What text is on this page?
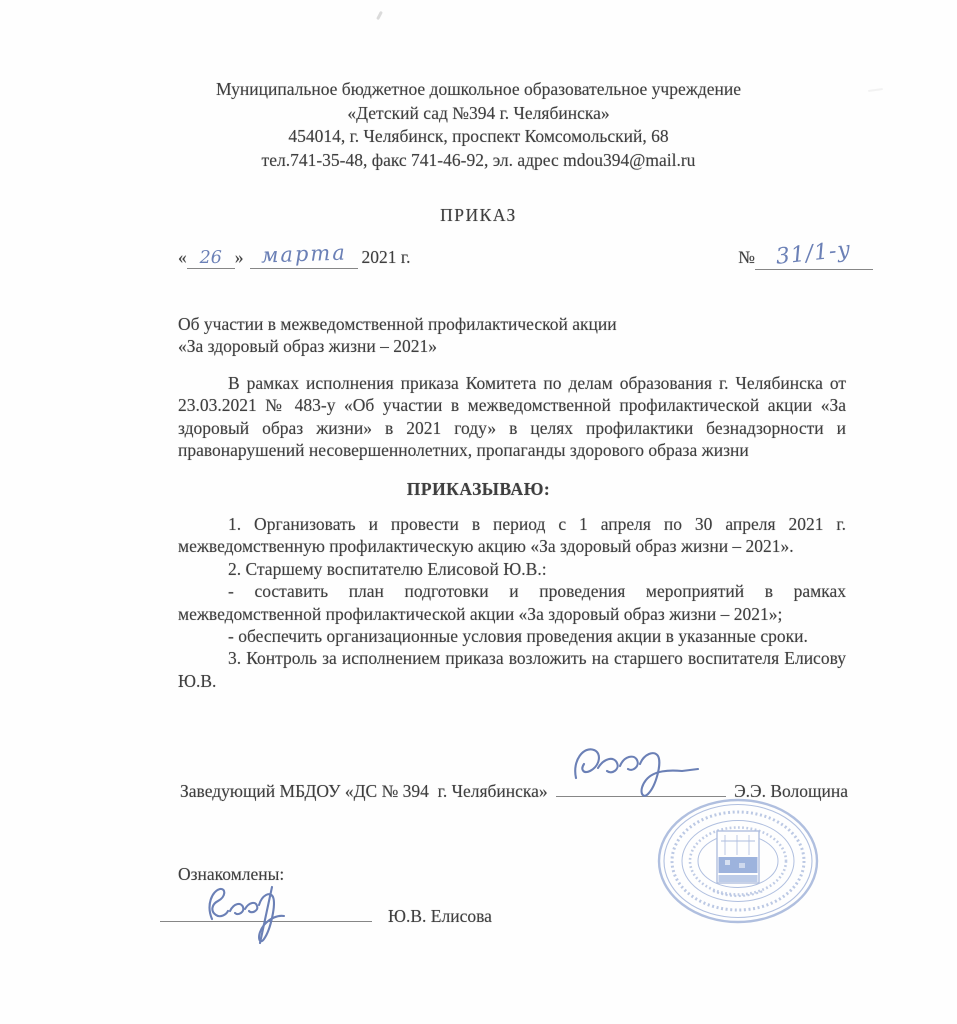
Муниципальное бюджетное дошкольное образовательное учреждение
«Детский сад №394 г. Челябинска»
454014, г. Челябинск, проспект Комсомольский, 68
тел.741-35-48, факс 741-46-92, эл. адрес mdou394@mail.ru
ПРИКАЗ
« 26 » марта 2021 г.	№ 31/1-у
Об участии в межведомственной профилактической акции
«За здоровый образ жизни – 2021»

В рамках исполнения приказа Комитета по делам образования г. Челябинска от 23.03.2021 № 483-у «Об участии в межведомственной профилактической акции «За здоровый образ жизни» в 2021 году» в целях профилактики безнадзорности и правонарушений несовершеннолетних, пропаганды здорового образа жизни

ПРИКАЗЫВАЮ:

1. Организовать и провести в период с 1 апреля по 30 апреля 2021 г. межведомственную профилактическую акцию «За здоровый образ жизни – 2021».

2. Старшему воспитателю Елисовой Ю.В.:

- составить план подготовки и проведения мероприятий в рамках межведомственной профилактической акции «За здоровый образ жизни – 2021»;

- обеспечить организационные условия проведения акции в указанные сроки.

3. Контроль за исполнением приказа возложить на старшего воспитателя Елисову Ю.В.

Заведующий МБДОУ «ДС № 394  г. Челябинска»	Э.Э. Волощина
Ознакомлены:
Ю.В. Елисова
